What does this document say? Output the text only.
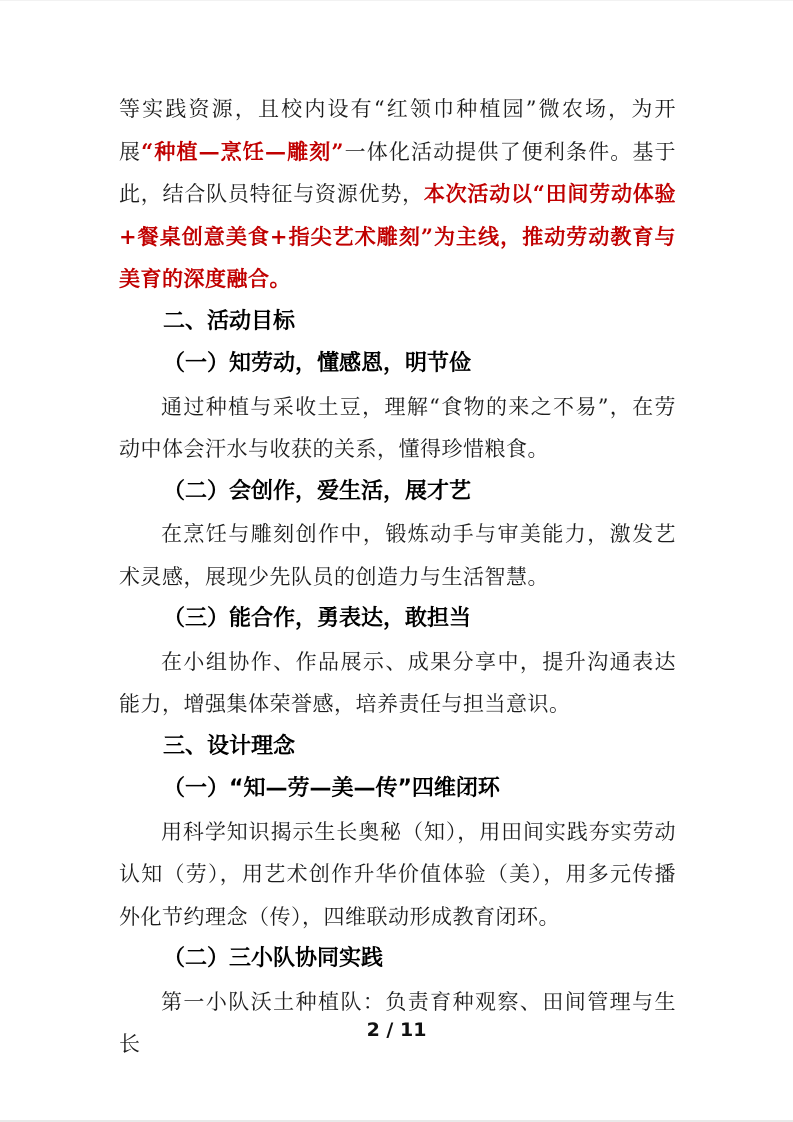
等实践资源，且校内设有“红领巾种植园”微农场，为开展“种植—烹饪—雕刻”一体化活动提供了便利条件。基于此，结合队员特征与资源优势，本次活动以“田间劳动体验+餐桌创意美食+指尖艺术雕刻”为主线，推动劳动教育与美育的深度融合。
二、活动目标
（一）知劳动，懂感恩，明节俭
通过种植与采收土豆，理解“食物的来之不易”，在劳动中体会汗水与收获的关系，懂得珍惜粮食。
（二）会创作，爱生活，展才艺
在烹饪与雕刻创作中，锻炼动手与审美能力，激发艺术灵感，展现少先队员的创造力与生活智慧。
（三）能合作，勇表达，敢担当
在小组协作、作品展示、成果分享中，提升沟通表达能力，增强集体荣誉感，培养责任与担当意识。
三、设计理念
（一）“知—劳—美—传”四维闭环
用科学知识揭示生长奥秘（知），用田间实践夯实劳动认知（劳），用艺术创作升华价值体验（美），用多元传播外化节约理念（传），四维联动形成教育闭环。
（二）三小队协同实践
第一小队沃土种植队：负责育种观察、田间管理与生长
2 / 11
